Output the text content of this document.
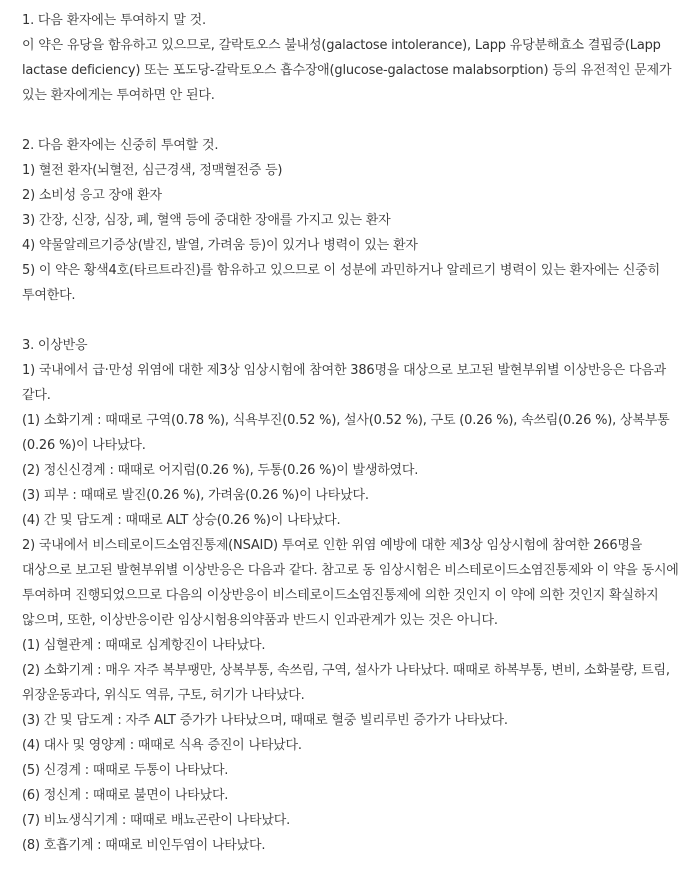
1. 다음 환자에는 투여하지 말 것.

이 약은 유당을 함유하고 있으므로, 갈락토오스 불내성(galactose intolerance), Lapp 유당분해효소 결핍증(Lapp lactase deficiency) 또는 포도당-갈락토오스 흡수장애(glucose-galactose malabsorption) 등의 유전적인 문제가 있는 환자에게는 투여하면 안 된다.

2. 다음 환자에는 신중히 투여할 것.

1) 혈전 환자(뇌혈전, 심근경색, 정맥혈전증 등)

2) 소비성 응고 장애 환자

3) 간장, 신장, 심장, 폐, 혈액 등에 중대한 장애를 가지고 있는 환자

4) 약물알레르기증상(발진, 발열, 가려움 등)이 있거나 병력이 있는 환자

5) 이 약은 황색4호(타르트라진)를 함유하고 있으므로 이 성분에 과민하거나 알레르기 병력이 있는 환자에는 신중히 투여한다.

3. 이상반응

1) 국내에서 급·만성 위염에 대한 제3상 임상시험에 참여한 386명을 대상으로 보고된 발현부위별 이상반응은 다음과 같다.

(1) 소화기계 : 때때로 구역(0.78 %), 식욕부진(0.52 %), 설사(0.52 %), 구토 (0.26 %), 속쓰림(0.26 %), 상복부통(0.26 %)이 나타났다.

(2) 정신신경계 : 때때로 어지럼(0.26 %), 두통(0.26 %)이 발생하였다.

(3) 피부 : 때때로 발진(0.26 %), 가려움(0.26 %)이 나타났다.

(4) 간 및 담도계 : 때때로 ALT 상승(0.26 %)이 나타났다.

2) 국내에서 비스테로이드소염진통제(NSAID) 투여로 인한 위염 예방에 대한 제3상 임상시험에 참여한 266명을 대상으로 보고된 발현부위별 이상반응은 다음과 같다. 참고로 동 임상시험은 비스테로이드소염진통제와 이 약을 동시에 투여하며 진행되었으므로 다음의 이상반응이 비스테로이드소염진통제에 의한 것인지 이 약에 의한 것인지 확실하지 않으며, 또한, 이상반응이란 임상시험용의약품과 반드시 인과관계가 있는 것은 아니다.

(1) 심혈관계 : 때때로 심계항진이 나타났다.

(2) 소화기계 : 매우 자주 복부팽만, 상복부통, 속쓰림, 구역, 설사가 나타났다. 때때로 하복부통, 변비, 소화불량, 트림, 위장운동과다, 위식도 역류, 구토, 허기가 나타났다.

(3) 간 및 담도계 : 자주 ALT 증가가 나타났으며, 때때로 혈중 빌리루빈 증가가 나타났다.

(4) 대사 및 영양계 : 때때로 식욕 증진이 나타났다.

(5) 신경계 : 때때로 두통이 나타났다.

(6) 정신계 : 때때로 불면이 나타났다.

(7) 비뇨생식기계 : 때때로 배뇨곤란이 나타났다.

(8) 호흡기계 : 때때로 비인두염이 나타났다.
